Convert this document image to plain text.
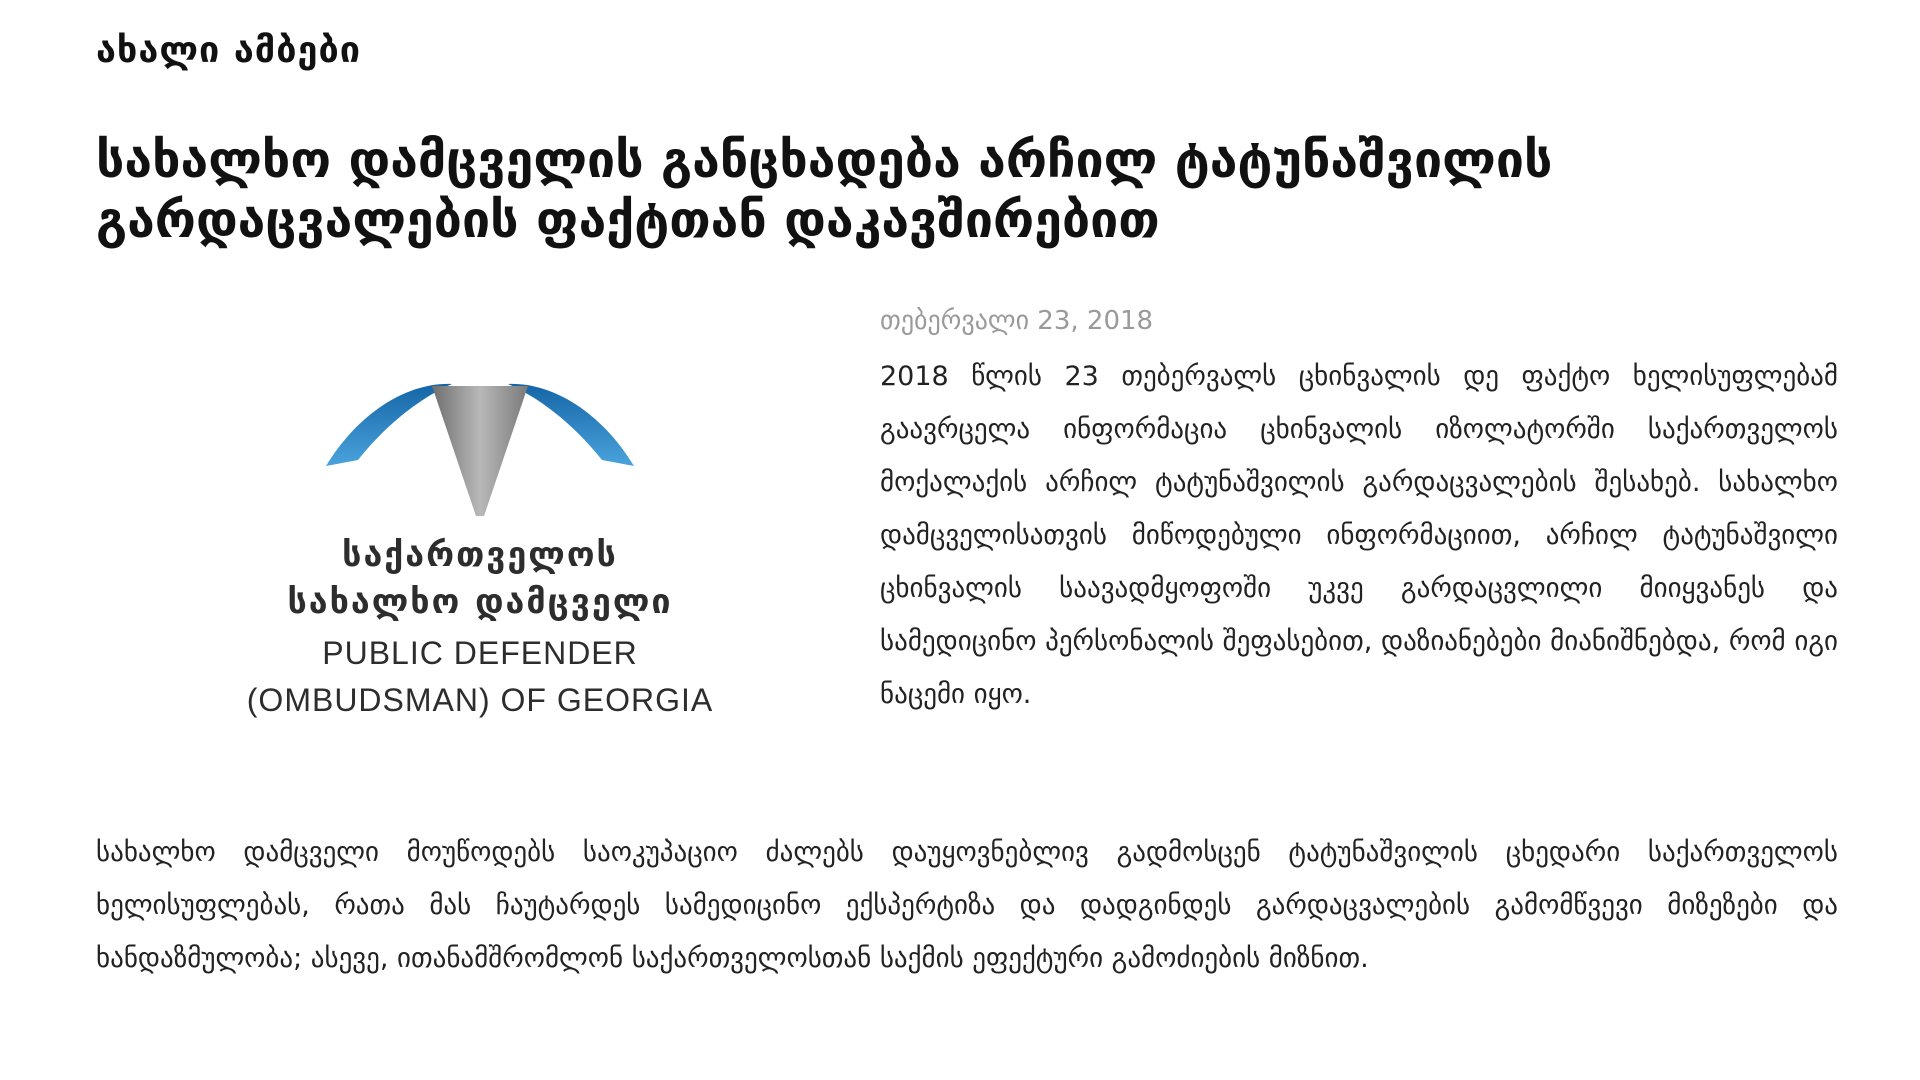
ახალი ამბები
სახალხო დამცველის განცხადება არჩილ ტატუნაშვილის გარდაცვალების ფაქტთან დაკავშირებით
საქართველოს
სახალხო დამცველი
PUBLIC DEFENDER
(OMBUDSMAN) OF GEORGIA
თებერვალი 23, 2018
2018 წლის 23 თებერვალს ცხინვალის დე ფაქტო ხელისუფლებამ გაავრცელა ინფორმაცია ცხინვალის იზოლატორში საქართველოს მოქალაქის არჩილ ტატუნაშვილის გარდაცვალების შესახებ. სახალხო დამცველისათვის მიწოდებული ინფორმაციით, არჩილ ტატუნაშვილი ცხინვალის საავადმყოფოში უკვე გარდაცვლილი მიიყვანეს და სამედიცინო პერსონალის შეფასებით, დაზიანებები მიანიშნებდა, რომ იგი ნაცემი იყო.
სახალხო დამცველი მოუწოდებს საოკუპაციო ძალებს დაუყოვნებლივ გადმოსცენ ტატუნაშვილის ცხედარი საქართველოს ხელისუფლებას, რათა მას ჩაუტარდეს სამედიცინო ექსპერტიზა და დადგინდეს გარდაცვალების გამომწვევი მიზეზები და ხანდაზმულობა; ასევე, ითანამშრომლონ საქართველოსთან საქმის ეფექტური გამოძიების მიზნით.
